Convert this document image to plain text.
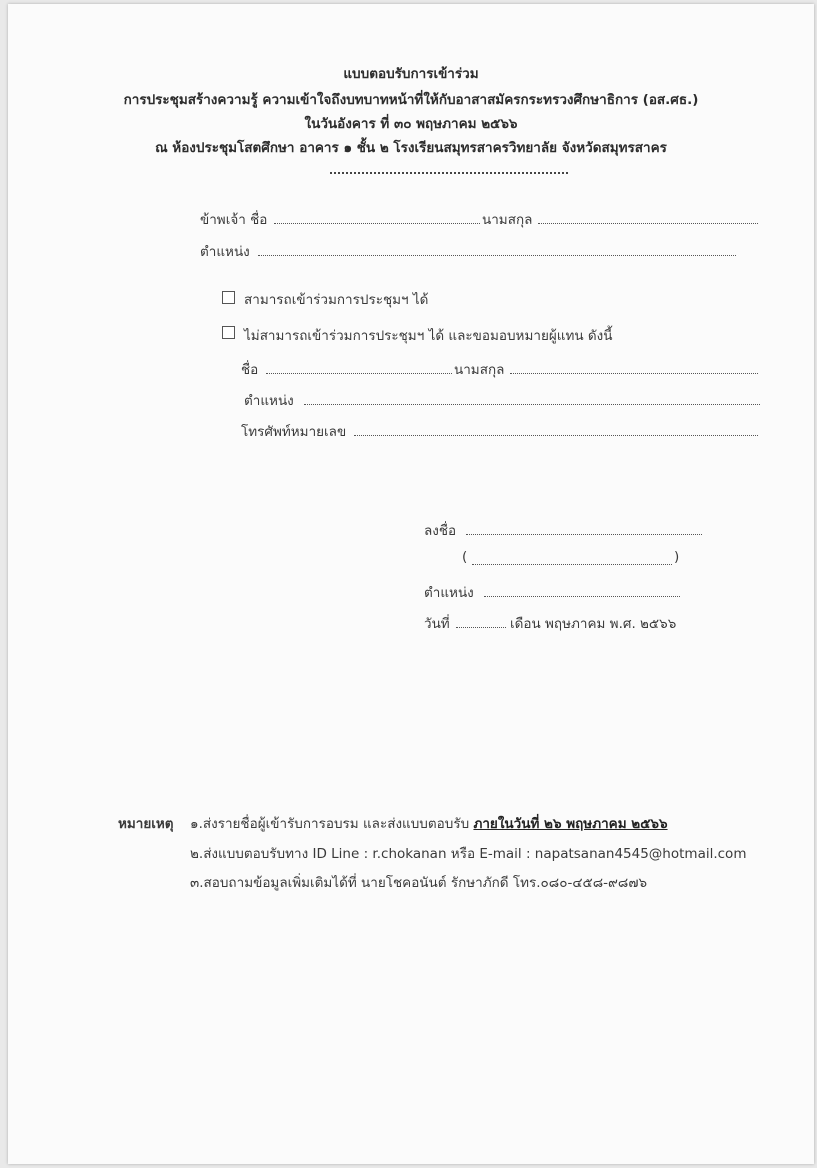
แบบตอบรับการเข้าร่วม
การประชุมสร้างความรู้ ความเข้าใจถึงบทบาทหน้าที่ให้กับอาสาสมัครกระทรวงศึกษาธิการ (อส.ศธ.)
ในวันอังคาร ที่ ๓๐ พฤษภาคม ๒๕๖๖
ณ ห้องประชุมโสตศึกษา อาคาร ๑ ชั้น ๒ โรงเรียนสมุทรสาครวิทยาลัย จังหวัดสมุทรสาคร
ข้าพเจ้า ชื่อ	นามสกุล
ตำแหน่ง
สามารถเข้าร่วมการประชุมฯ ได้
ไม่สามารถเข้าร่วมการประชุมฯ ได้ และขอมอบหมายผู้แทน ดังนี้
ชื่อ	นามสกุล
ตำแหน่ง
โทรศัพท์หมายเลข
ลงชื่อ
(	)
ตำแหน่ง
วันที่	เดือน พฤษภาคม พ.ศ. ๒๕๖๖
หมายเหตุ ๑.ส่งรายชื่อผู้เข้ารับการอบรม และส่งแบบตอบรับ ภายในวันที่ ๒๖ พฤษภาคม ๒๕๖๖
๒.ส่งแบบตอบรับทาง ID Line : r.chokanan หรือ E-mail : napatsanan4545@hotmail.com
๓.สอบถามข้อมูลเพิ่มเติมได้ที่ นายโชคอนันต์ รักษาภักดี โทร.๐๘๐-๔๕๘-๙๘๗๖
